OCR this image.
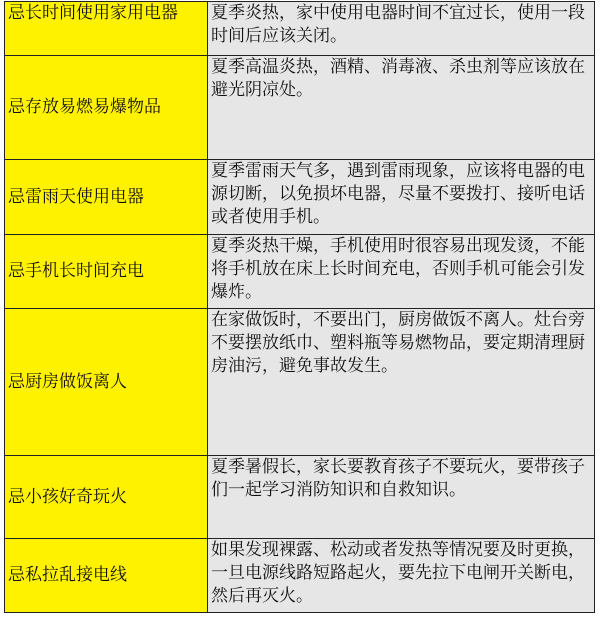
忌长时间使用家用电器	夏季炎热，家中使用电器时间不宜过长，使用一段时间后应该关闭。
忌存放易燃易爆物品	夏季高温炎热，酒精、消毒液、杀虫剂等应该放在避光阴凉处。
忌雷雨天使用电器	夏季雷雨天气多，遇到雷雨现象，应该将电器的电源切断，以免损坏电器，尽量不要拨打、接听电话或者使用手机。
忌手机长时间充电	夏季炎热干燥，手机使用时很容易出现发烫，不能将手机放在床上长时间充电，否则手机可能会引发爆炸。
忌厨房做饭离人	在家做饭时，不要出门，厨房做饭不离人。灶台旁不要摆放纸巾、塑料瓶等易燃物品，要定期清理厨房油污，避免事故发生。
忌小孩好奇玩火	夏季暑假长，家长要教育孩子不要玩火，要带孩子们一起学习消防知识和自救知识。
忌私拉乱接电线	如果发现裸露、松动或者发热等情况要及时更换，一旦电源线路短路起火，要先拉下电闸开关断电，然后再灭火。
